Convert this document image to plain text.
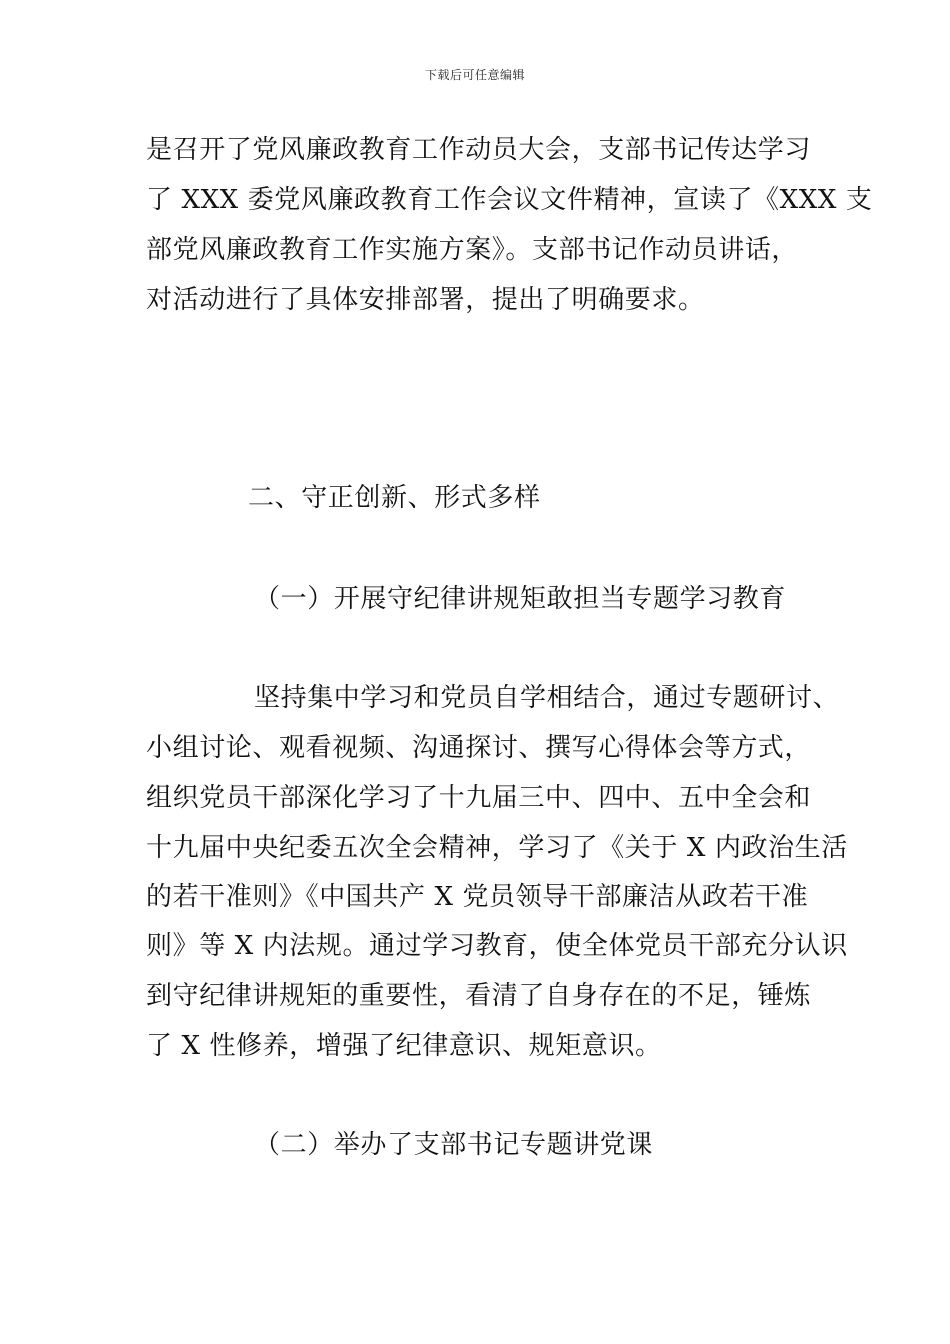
下载后可任意编辑
是召开了党风廉政教育工作动员大会，支部书记传达学习
了 XXX 委党风廉政教育工作会议文件精神，宣读了《XXX 支
部党风廉政教育工作实施方案》。支部书记作动员讲话，
对活动进行了具体安排部署，提出了明确要求。
二、守正创新、形式多样
（一）开展守纪律讲规矩敢担当专题学习教育
坚持集中学习和党员自学相结合，通过专题研讨、
小组讨论、观看视频、沟通探讨、撰写心得体会等方式，
组织党员干部深化学习了十九届三中、四中、五中全会和
十九届中央纪委五次全会精神，学习了《关于 X 内政治生活
的若干准则》《中国共产 X 党员领导干部廉洁从政若干准
则》等 X 内法规。通过学习教育，使全体党员干部充分认识
到守纪律讲规矩的重要性，看清了自身存在的不足，锤炼
了 X 性修养，增强了纪律意识、规矩意识。
（二）举办了支部书记专题讲党课
